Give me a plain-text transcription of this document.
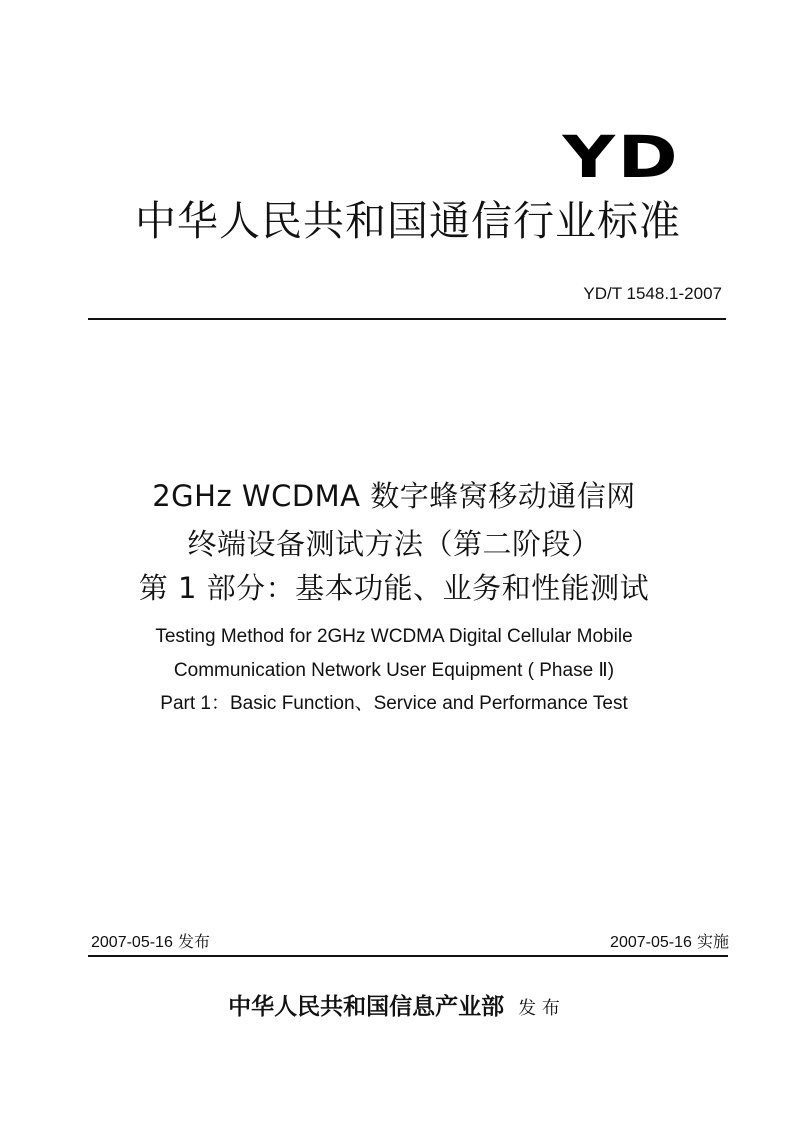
YD
中华人民共和国通信行业标准
YD/T 1548.1-2007
2GHz WCDMA 数字蜂窝移动通信网
终端设备测试方法（第二阶段）
第 1 部分：基本功能、业务和性能测试
Testing Method for 2GHz WCDMA Digital Cellular Mobile
Communication Network User Equipment ( Phase Ⅱ)
Part 1：Basic Function、Service and Performance Test
2007-05-16 发布	2007-05-16 实施
中华人民共和国信息产业部 发 布
